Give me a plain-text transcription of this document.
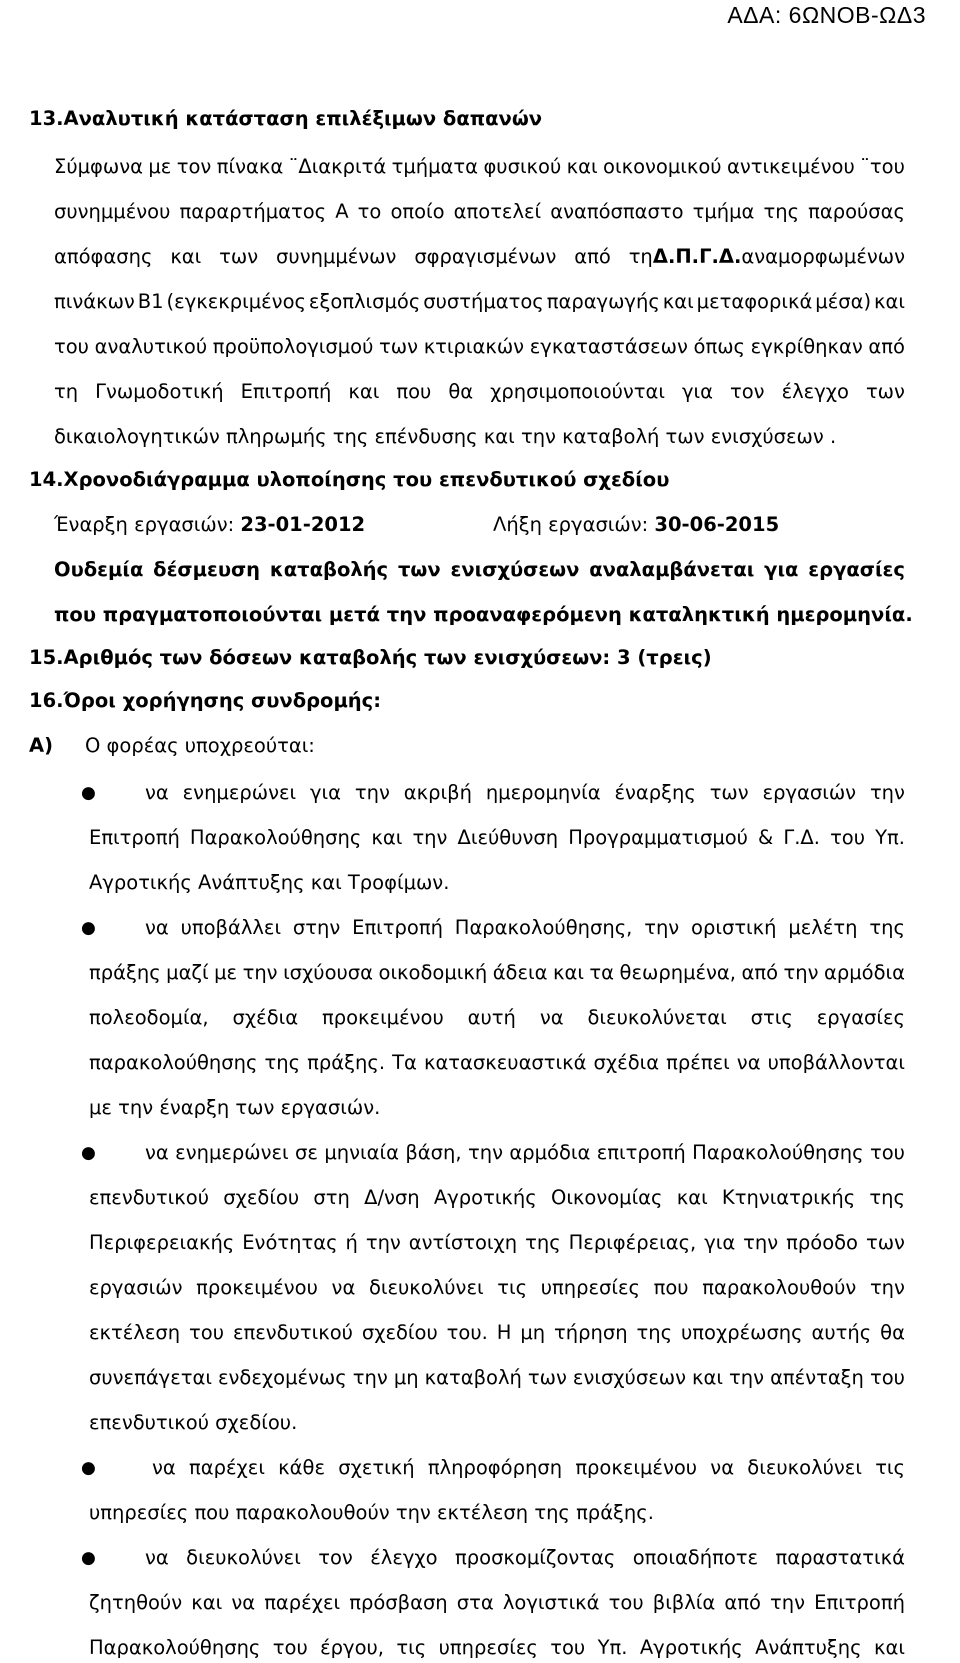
ΑΔΑ: 6ΩΝΟΒ-ΩΔ3
13.Αναλυτική κατάσταση επιλέξιμων δαπανών
Σύμφωνα με τον πίνακα ¨Διακριτά τμήματα φυσικού και οικονομικού αντικειμένου ¨του
συνημμένου παραρτήματος Α το οποίο αποτελεί αναπόσπαστο τμήμα της παρούσας
απόφασης και των συνημμένων σφραγισμένων από τη Δ.Π.Γ.Δ. αναμορφωμένων
πινάκων Β1 (εγκεκριμένος εξοπλισμός συστήματος παραγωγής και μεταφορικά μέσα) και
του αναλυτικού προϋπολογισμού των κτιριακών εγκαταστάσεων όπως εγκρίθηκαν από
τη Γνωμοδοτική Επιτροπή και που θα χρησιμοποιούνται για τον έλεγχο των
δικαιολογητικών πληρωμής της επένδυσης και την καταβολή των ενισχύσεων .
14.Χρονοδιάγραμμα υλοποίησης του επενδυτικού σχεδίου
Έναρξη εργασιών: 23-01-2012	Λήξη εργασιών: 30-06-2015
Ουδεμία δέσμευση καταβολής των ενισχύσεων αναλαμβάνεται για εργασίες
που πραγματοποιούνται μετά την προαναφερόμενη καταληκτική ημερομηνία.
15.Αριθμός των δόσεων καταβολής των ενισχύσεων: 3 (τρεις)
16.Όροι χορήγησης συνδρομής:
Α)	Ο φορέας υποχρεούται:
●	να ενημερώνει για την ακριβή ημερομηνία έναρξης των εργασιών την
Επιτροπή Παρακολούθησης και την Διεύθυνση Προγραμματισμού & Γ.Δ. του Υπ.
Αγροτικής Ανάπτυξης και Τροφίμων.
●	να υποβάλλει στην Επιτροπή Παρακολούθησης, την οριστική μελέτη της
πράξης μαζί με την ισχύουσα οικοδομική άδεια και τα θεωρημένα, από την αρμόδια
πολεοδομία, σχέδια προκειμένου αυτή να διευκολύνεται στις εργασίες
παρακολούθησης της πράξης. Τα κατασκευαστικά σχέδια πρέπει να υποβάλλονται
με την έναρξη των εργασιών.
●	να ενημερώνει σε μηνιαία βάση, την αρμόδια επιτροπή Παρακολούθησης του
επενδυτικού σχεδίου στη Δ/νση Αγροτικής Οικονομίας και Κτηνιατρικής της
Περιφερειακής Ενότητας ή την αντίστοιχη της Περιφέρειας, για την πρόοδο των
εργασιών προκειμένου να διευκολύνει τις υπηρεσίες που παρακολουθούν την
εκτέλεση του επενδυτικού σχεδίου του. Η μη τήρηση της υποχρέωσης αυτής θα
συνεπάγεται ενδεχομένως την μη καταβολή των ενισχύσεων και την απένταξη του
επενδυτικού σχεδίου.
●	να παρέχει κάθε σχετική πληροφόρηση προκειμένου να διευκολύνει τις
υπηρεσίες που παρακολουθούν την εκτέλεση της πράξης.
●	να διευκολύνει τον έλεγχο προσκομίζοντας οποιαδήποτε παραστατικά
ζητηθούν και να παρέχει πρόσβαση στα λογιστικά του βιβλία από την Επιτροπή
Παρακολούθησης του έργου, τις υπηρεσίες του Υπ. Αγροτικής Ανάπτυξης και
